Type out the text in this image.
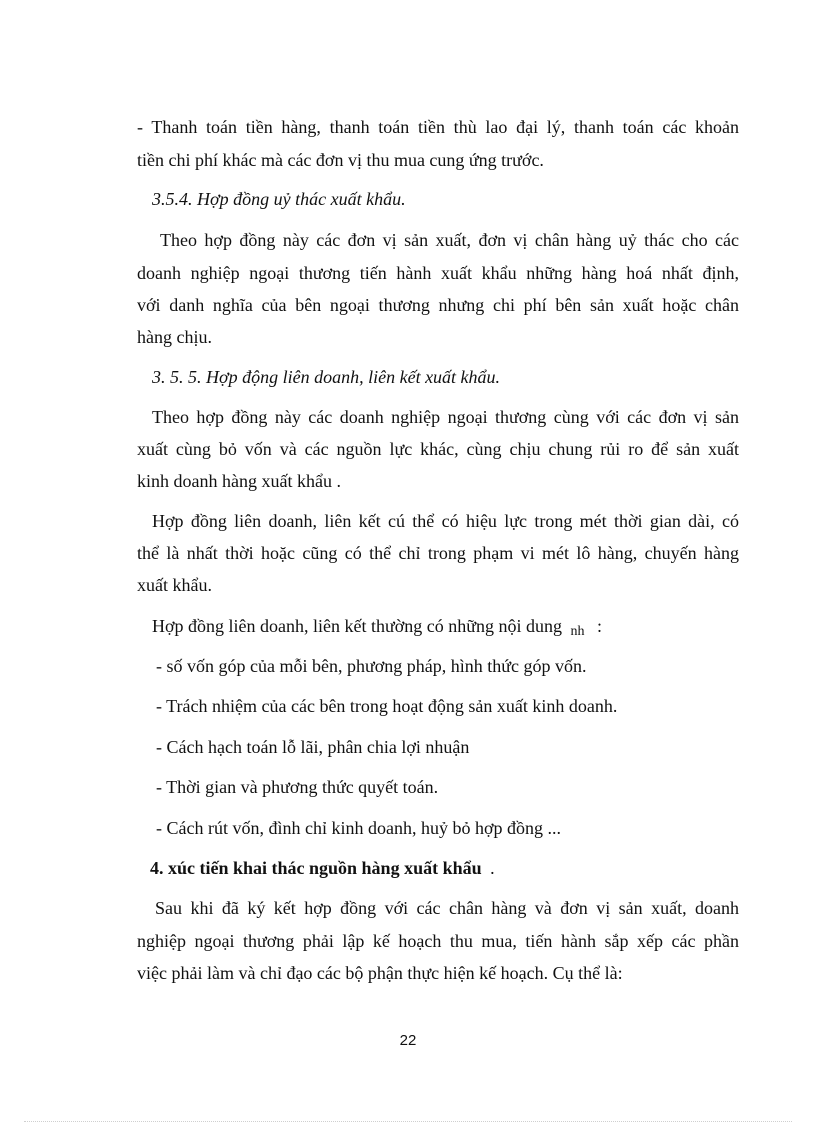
- Thanh toán tiền hàng, thanh toán tiền thù lao đại lý, thanh toán các khoản
tiền chi phí khác mà các đơn vị thu mua cung ứng trước.
3.5.4. Hợp đồng uỷ thác xuất khẩu.
Theo hợp đồng này các đơn vị sản xuất, đơn vị chân hàng uỷ thác cho các
doanh nghiệp ngoại thương tiến hành xuất khẩu những hàng hoá nhất định,
với danh nghĩa của bên ngoại thương nhưng chi phí bên sản xuất hoặc chân
hàng chịu.
3. 5. 5. Hợp động liên doanh, liên kết xuất khẩu.
Theo hợp đồng này các doanh nghiệp ngoại thương cùng với các đơn vị sản
xuất cùng bỏ vốn và các nguồn lực khác, cùng chịu chung rủi ro để sản xuất
kinh doanh hàng xuất khẩu .
Hợp đồng liên doanh, liên kết cú thể có hiệu lực trong mét thời gian dài, có
thể là nhất thời hoặc cũng có thể chỉ trong phạm vi mét lô hàng, chuyến hàng
xuất khẩu.
Hợp đồng liên doanh, liên kết thường có những nội dung nh :
- số vốn góp của mỗi bên, phương pháp, hình thức góp vốn.
- Trách nhiệm của các bên trong hoạt động sản xuất kinh doanh.
- Cách hạch toán lỗ lãi, phân chia lợi nhuận
- Thời gian và phương thức quyết toán.
- Cách rút vốn, đình chỉ kinh doanh, huỷ bỏ hợp đồng ...
4. xúc tiến khai thác nguồn hàng xuất khẩu .
Sau khi đã ký kết hợp đồng với các chân hàng và đơn vị sản xuất, doanh
nghiệp ngoại thương phải lập kế hoạch thu mua, tiến hành sắp xếp các phần
việc phải làm và chỉ đạo các bộ phận thực hiện kế hoạch. Cụ thể là:
22
